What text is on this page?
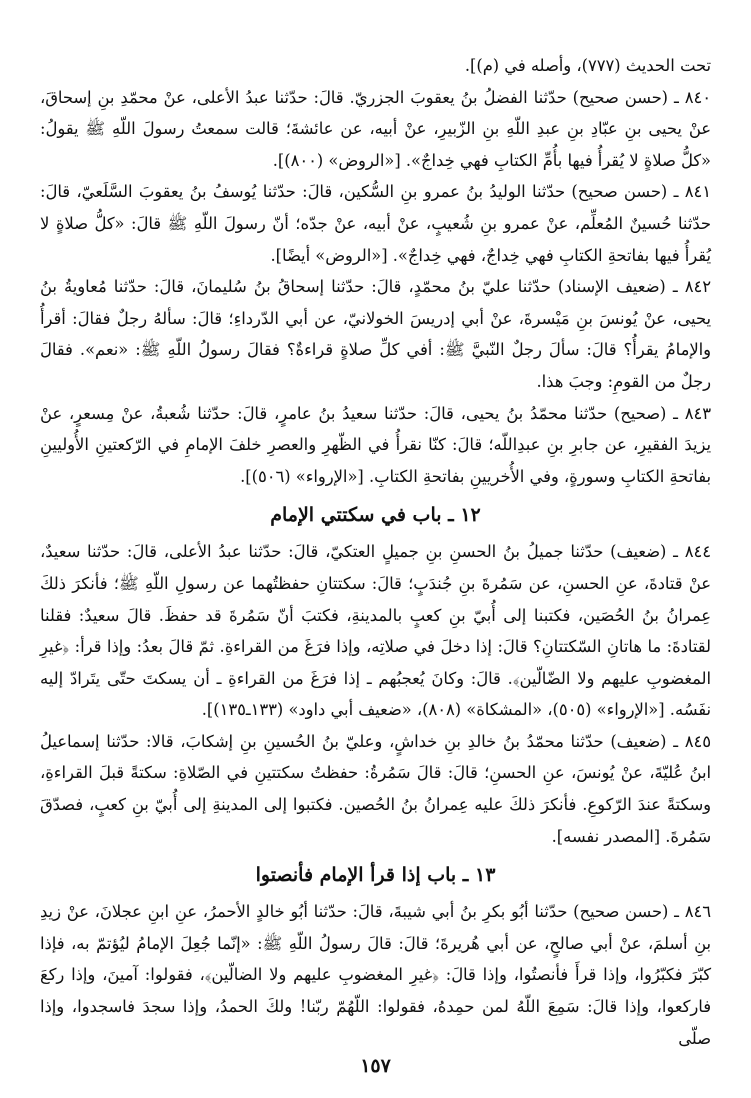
تحت الحديث (٧٧٧)، وأصله في (م)].

٨٤٠ ـ (حسن صحيح) حدّثنا الفضلُ بنُ يعقوبَ الجزريّ. قالَ: حدّثنا عبدُ الأعلى، عنْ محمّدِ بنِ إسحاقَ، عنْ يحيى بنِ عبّادِ بنِ عبدِ اللّهِ بنِ الزّبيرِ، عنْ أبيه، عن عائشةَ؛ قالت سمعتُ رسولَ اللّهِ ﷺ يقولُ: «كلُّ صلاةٍ لا يُقرأُ فيها بأُمِّ الكتابِ فهي خِداجٌ». [«الروض» (٨٠٠)].

٨٤١ ـ (حسن صحيح) حدّثنا الوليدُ بنُ عمرو بنِ السُّكين، قالَ: حدّثنا يُوسفُ بنُ يعقوبَ السَّلَعيّ، قالَ: حدّثنا حُسينٌ المُعلِّم، عنْ عمرو بنِ شُعيبٍ، عنْ أبيه، عنْ جدّه؛ أنّ رسولَ اللّهِ ﷺ قالَ: «كلُّ صلاةٍ لا يُقرأُ فيها بفاتحةِ الكتابِ فهي خِداجٌ، فهي خِداجٌ». [«الروض» أيضًا].

٨٤٢ ـ (ضعيف الإسناد) حدّثنا عليّ بنُ محمّدٍ، قالَ: حدّثنا إسحاقُ بنُ سُليمانَ، قالَ: حدّثنا مُعاويةُ بنُ يحيى، عنْ يُونسَ بنِ مَيْسرةَ، عنْ أبي إدريسَ الخولانيّ، عن أبي الدّرداءِ؛ قالَ: سألهُ رجلٌ فقالَ: أقرأُ والإمامُ يقرأُ؟ قالَ: سألَ رجلٌ النّبيَّ ﷺ: أفي كلِّ صلاةٍ قراءةٌ؟ فقالَ رسولُ اللّهِ ﷺ: «نعم». فقالَ رجلٌ من القومِ: وجبَ هذا.

٨٤٣ ـ (صحيح) حدّثنا محمّدُ بنُ يحيى، قالَ: حدّثنا سعيدُ بنُ عامرٍ، قالَ: حدّثنا شُعبةُ، عنْ مِسعرٍ، عنْ يزيدَ الفقيرِ، عن جابرِ بنِ عبدِاللّه؛ قالَ: كنّا نقرأُ في الظّهرِ والعصرِ خلفَ الإمامِ في الرّكعتينِ الأُوليينِ بفاتحةِ الكتابِ وسورةٍ، وفي الأُخريينِ بفاتحةِ الكتابِ. [«الإرواء» (٥٠٦)].

١٢ ـ باب في سكتتي الإمام

٨٤٤ ـ (ضعيف) حدّثنا جميلُ بنُ الحسنِ بنِ جميلٍ العتكيّ، قالَ: حدّثنا عبدُ الأعلى، قالَ: حدّثنا سعيدٌ، عنْ قتادةَ، عنِ الحسنِ، عن سَمُرةَ بنِ جُندَبٍ؛ قالَ: سكتتانِ حفظتُهما عن رسولِ اللّهِ ﷺ؛ فأنكرَ ذلكَ عِمرانُ بنُ الحُصَين، فكتبنا إلى أُبيّ بنِ كعبٍ بالمدينةِ، فكتبَ أنّ سَمُرةَ قد حفظَ. قالَ سعيدٌ: فقلنا لقتادةَ: ما هاتانِ السّكتتانِ؟ قالَ: إذا دخلَ في صلاتِه، وإذا فرَغَ من القراءةِ. ثمّ قالَ بعدُ: وإذا قرأ: ﴿غيرِ المغضوبِ عليهم ولا الضّالّين﴾. قالَ: وكانَ يُعجبُهم ـ إذا فرَغَ من القراءةِ ـ أن يسكتَ حتّى يتَرادّ إليه نفَسُه. [«الإرواء» (٥٠٥)، «المشكاة» (٨٠٨)، «ضعيف أبي داود» (١٣٣ـ١٣٥)].

٨٤٥ ـ (ضعيف) حدّثنا محمّدُ بنُ خالدِ بنِ خداشٍ، وعليّ بنُ الحُسينِ بنِ إشكابَ، قالا: حدّثنا إسماعيلُ ابنُ عُليّةَ، عنْ يُونسَ، عنِ الحسنِ؛ قالَ: قالَ سَمُرةُ: حفظتُ سكتتينِ في الصّلاةِ: سكتةً قبلَ القراءةِ، وسكتةً عندَ الرّكوعِ. فأنكرَ ذلكَ عليه عِمرانُ بنُ الحُصين. فكتبوا إلى المدينةِ إلى أُبيّ بنِ كعبٍ، فصدّقَ سَمُرةَ. [المصدر نفسه].

١٣ ـ باب إذا قرأ الإمام فأنصتوا

٨٤٦ ـ (حسن صحيح) حدّثنا أبُو بكرِ بنُ أبي شيبةَ، قالَ: حدّثنا أبُو خالدٍ الأحمرُ، عنِ ابنِ عجلانَ، عنْ زيدِ بنِ أسلمَ، عنْ أبي صالحٍ، عن أبي هُريرةَ؛ قالَ: قالَ رسولُ اللّهِ ﷺ: «إنّما جُعِلَ الإمامُ ليُؤتمّ به، فإذا كبّرَ فكبّرُوا، وإذا قرأَ فأنصتُوا، وإذا قالَ: ﴿غيرِ المغضوبِ عليهم ولا الضالّين﴾، فقولوا: آمينَ، وإذا ركعَ فاركعوا، وإذا قالَ: سَمِعَ اللّهُ لمن حمِدهُ، فقولوا: اللّهُمّ ربّنا! ولكَ الحمدُ، وإذا سجدَ فاسجدوا، وإذا صلّى

١٥٧
